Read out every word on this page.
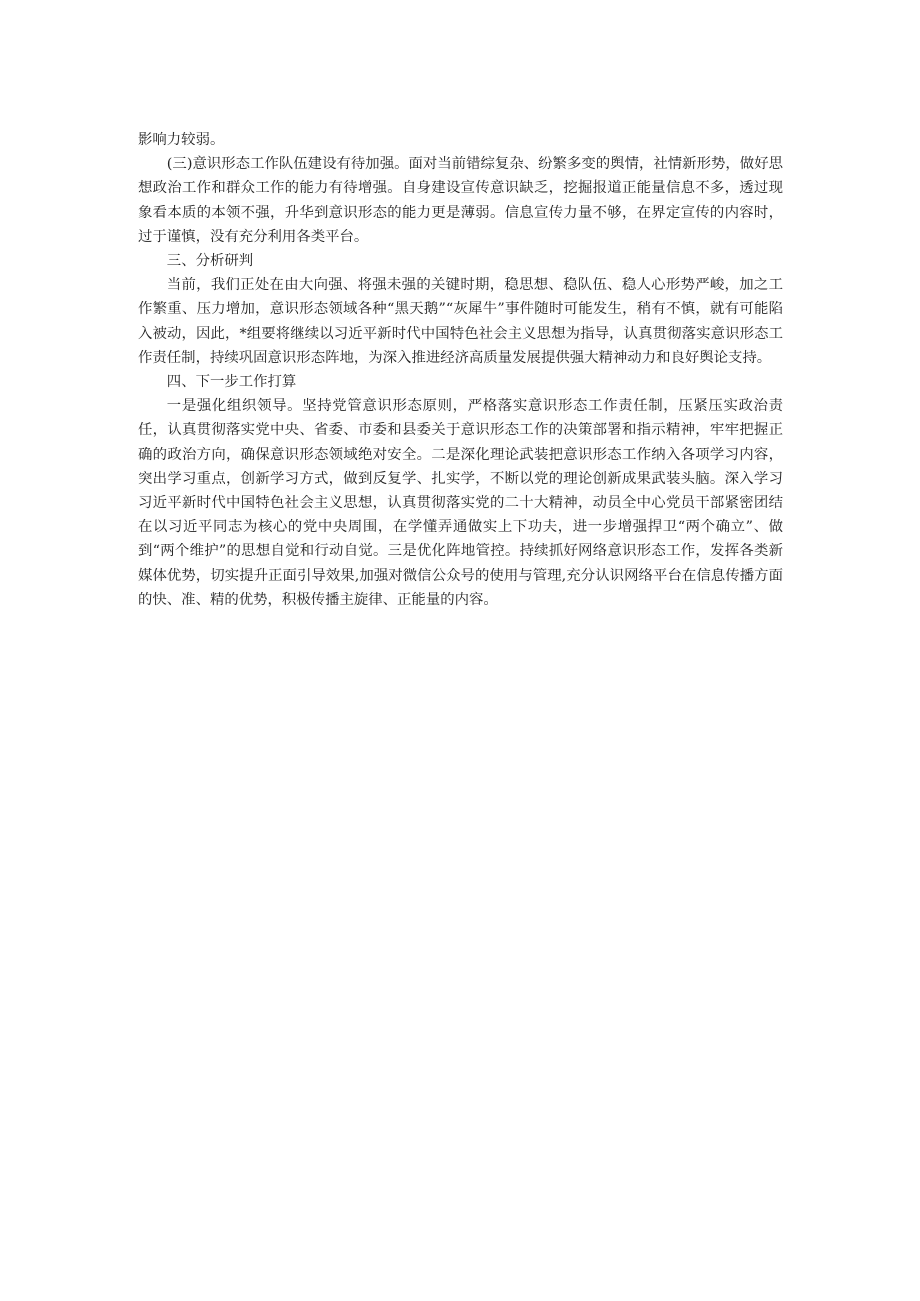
影响力较弱。

(三)意识形态工作队伍建设有待加强。面对当前错综复杂、纷繁多变的舆情，社情新形势，做好思想政治工作和群众工作的能力有待增强。自身建设宣传意识缺乏，挖掘报道正能量信息不多，透过现象看本质的本领不强，升华到意识形态的能力更是薄弱。信息宣传力量不够，在界定宣传的内容时，过于谨慎，没有充分利用各类平台。

三、分析研判

当前，我们正处在由大向强、将强未强的关键时期，稳思想、稳队伍、稳人心形势严峻，加之工作繁重、压力增加，意识形态领域各种“黑天鹅”“灰犀牛”事件随时可能发生，稍有不慎，就有可能陷入被动，因此，*组要将继续以习近平新时代中国特色社会主义思想为指导，认真贯彻落实意识形态工作责任制，持续巩固意识形态阵地，为深入推进经济高质量发展提供强大精神动力和良好舆论支持。

四、下一步工作打算

一是强化组织领导。坚持党管意识形态原则，严格落实意识形态工作责任制，压紧压实政治责任，认真贯彻落实党中央、省委、市委和县委关于意识形态工作的决策部署和指示精神，牢牢把握正确的政治方向，确保意识形态领域绝对安全。二是深化理论武装把意识形态工作纳入各项学习内容，突出学习重点，创新学习方式，做到反复学、扎实学，不断以党的理论创新成果武装头脑。深入学习习近平新时代中国特色社会主义思想，认真贯彻落实党的二十大精神，动员全中心党员干部紧密团结在以习近平同志为核心的党中央周围，在学懂弄通做实上下功夫，进一步增强捍卫“两个确立”、做到“两个维护”的思想自觉和行动自觉。三是优化阵地管控。持续抓好网络意识形态工作，发挥各类新媒体优势，切实提升正面引导效果,加强对微信公众号的使用与管理,充分认识网络平台在信息传播方面的快、准、精的优势，积极传播主旋律、正能量的内容。
